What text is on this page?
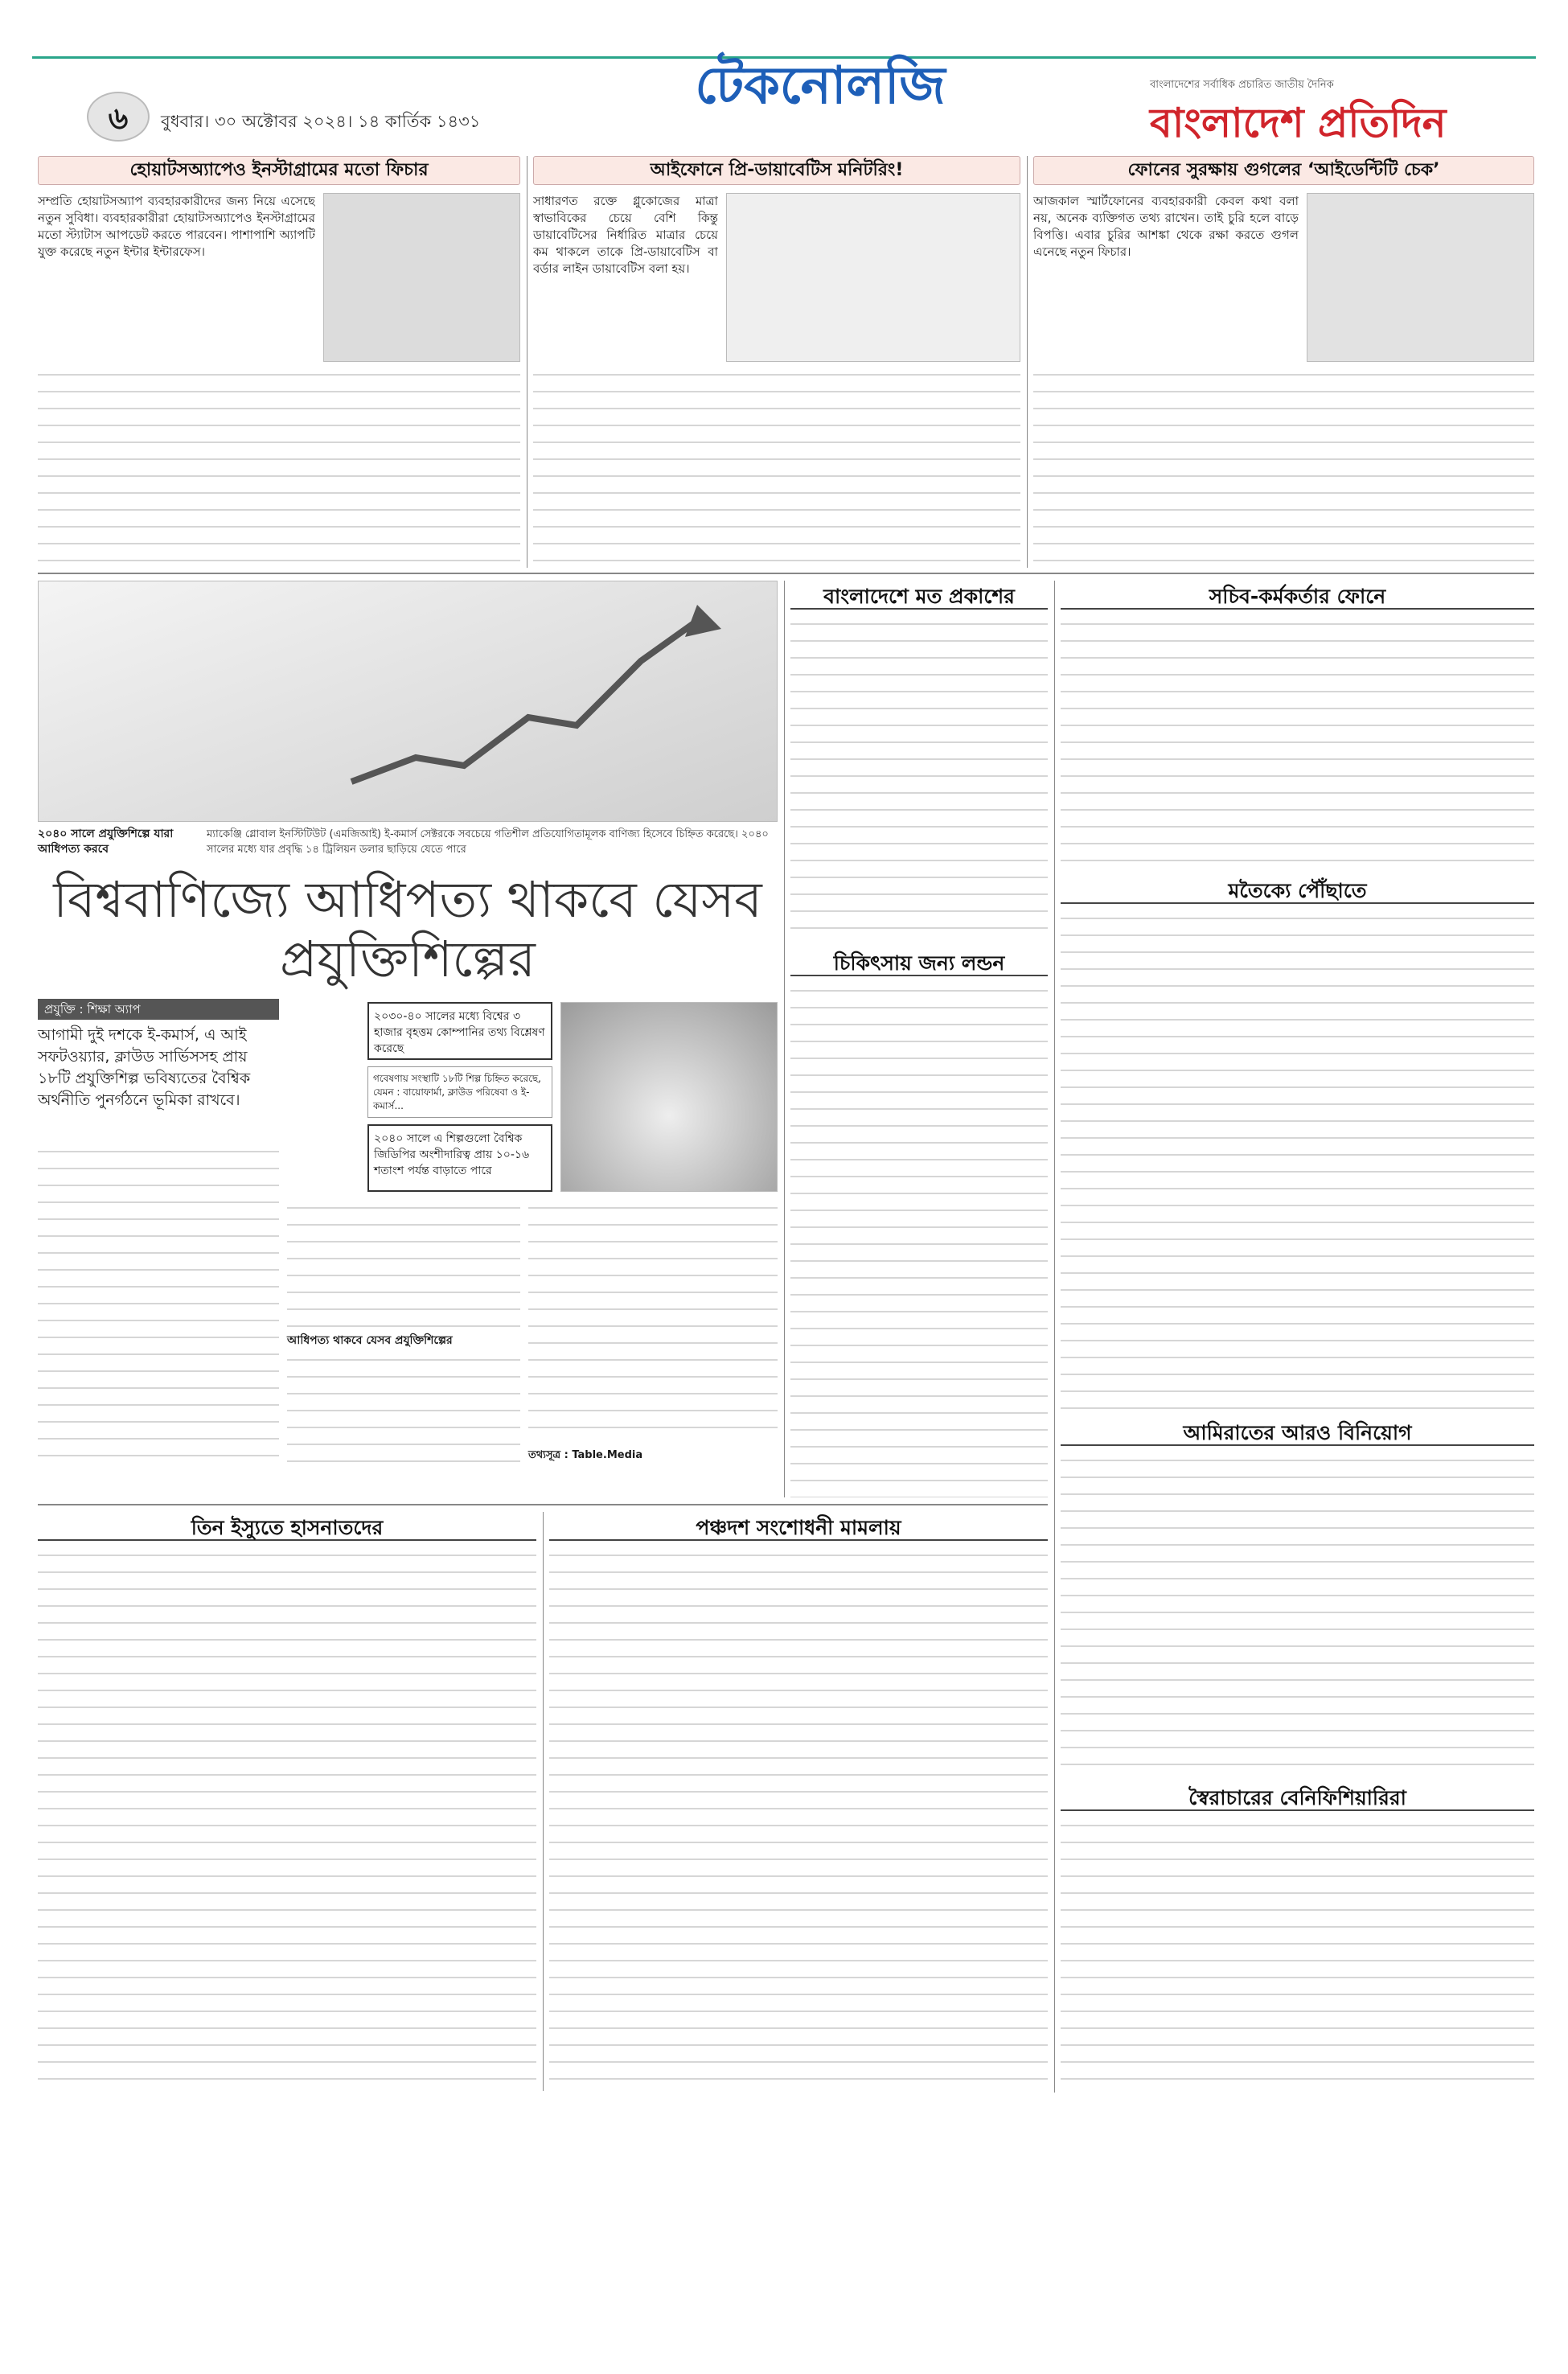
৬	বুধবার। ৩০ অক্টোবর ২০২৪। ১৪ কার্তিক ১৪৩১
টেকনোলজি	বাংলাদেশের সর্বাধিক প্রচারিত জাতীয় দৈনিক
বাংলাদেশ প্রতিদিন
হোয়াটসঅ্যাপেও ইনস্টাগ্রামের মতো ফিচার
সম্প্রতি হোয়াটসঅ্যাপ ব্যবহারকারীদের জন্য নিয়ে এসেছে নতুন সুবিধা। ব্যবহারকারীরা হোয়াটসঅ্যাপেও ইনস্টাগ্রামের মতো স্ট্যাটাস আপডেট করতে পারবেন। পাশাপাশি অ্যাপটি যুক্ত করেছে নতুন ইন্টার ইন্টারফেস।
আইফোনে প্রি-ডায়াবেটিস মনিটরিং!
সাধারণত রক্তে গ্লুকোজের মাত্রা স্বাভাবিকের চেয়ে বেশি কিন্তু ডায়াবেটিসের নির্ধারিত মাত্রার চেয়ে কম থাকলে তাকে প্রি-ডায়াবেটিস বা বর্ডার লাইন ডায়াবেটিস বলা হয়।
ফোনের সুরক্ষায় গুগলের ‘আইডেন্টিটি চেক’
আজকাল স্মার্টফোনের ব্যবহারকারী কেবল কথা বলা নয়, অনেক ব্যক্তিগত তথ্য রাখেন। তাই চুরি হলে বাড়ে বিপত্তি। এবার চুরির আশঙ্কা থেকে রক্ষা করতে গুগল এনেছে নতুন ফিচার।
২০৪০ সালে প্রযুক্তিশিল্পে যারা আধিপত্য করবে
ম্যাকেঞ্জি গ্লোবাল ইনস্টিটিউট (এমজিআই) ই-কমার্স সেক্টরকে সবচেয়ে গতিশীল প্রতিযোগিতামূলক বাণিজ্য হিসেবে চিহ্নিত করেছে। ২০৪০ সালের মধ্যে যার প্রবৃদ্ধি ১৪ ট্রিলিয়ন ডলার ছাড়িয়ে যেতে পারে
বিশ্ববাণিজ্যে আধিপত্য থাকবে যেসব প্রযুক্তিশিল্পের
প্রযুক্তি : শিক্ষা অ্যাপ
আগামী দুই দশকে ই-কমার্স, এ আই সফটওয়্যার, ক্লাউড সার্ভিসসহ প্রায় ১৮টি প্রযুক্তিশিল্প ভবিষ্যতের বৈশ্বিক অর্থনীতি পুনর্গঠনে ভূমিকা রাখবে।
২০৩০-৪০ সালের মধ্যে বিশ্বের ৩ হাজার বৃহত্তম কোম্পানির তথ্য বিশ্লেষণ করেছে
গবেষণায় সংস্থাটি ১৮টি শিল্প চিহ্নিত করেছে, যেমন : বায়োফার্মা, ক্লাউড পরিষেবা ও ই-কমার্স...
২০৪০ সালে এ শিল্পগুলো বৈশ্বিক জিডিপির অংশীদারিত্ব প্রায় ১০-১৬ শতাংশ পর্যন্ত বাড়াতে পারে
আধিপত্য থাকবে যেসব প্রযুক্তিশিল্পের
তথ্যসূত্র : Table.Media
বাংলাদেশে মত প্রকাশের
চিকিৎসায় জন্য লন্ডন
সচিব-কর্মকর্তার ফোনে
মতৈক্যে পৌঁছাতে
আমিরাতের আরও বিনিয়োগ
স্বৈরাচারের বেনিফিশিয়ারিরা
তিন ইস্যুতে হাসনাতদের	পঞ্চদশ সংশোধনী মামলায়
